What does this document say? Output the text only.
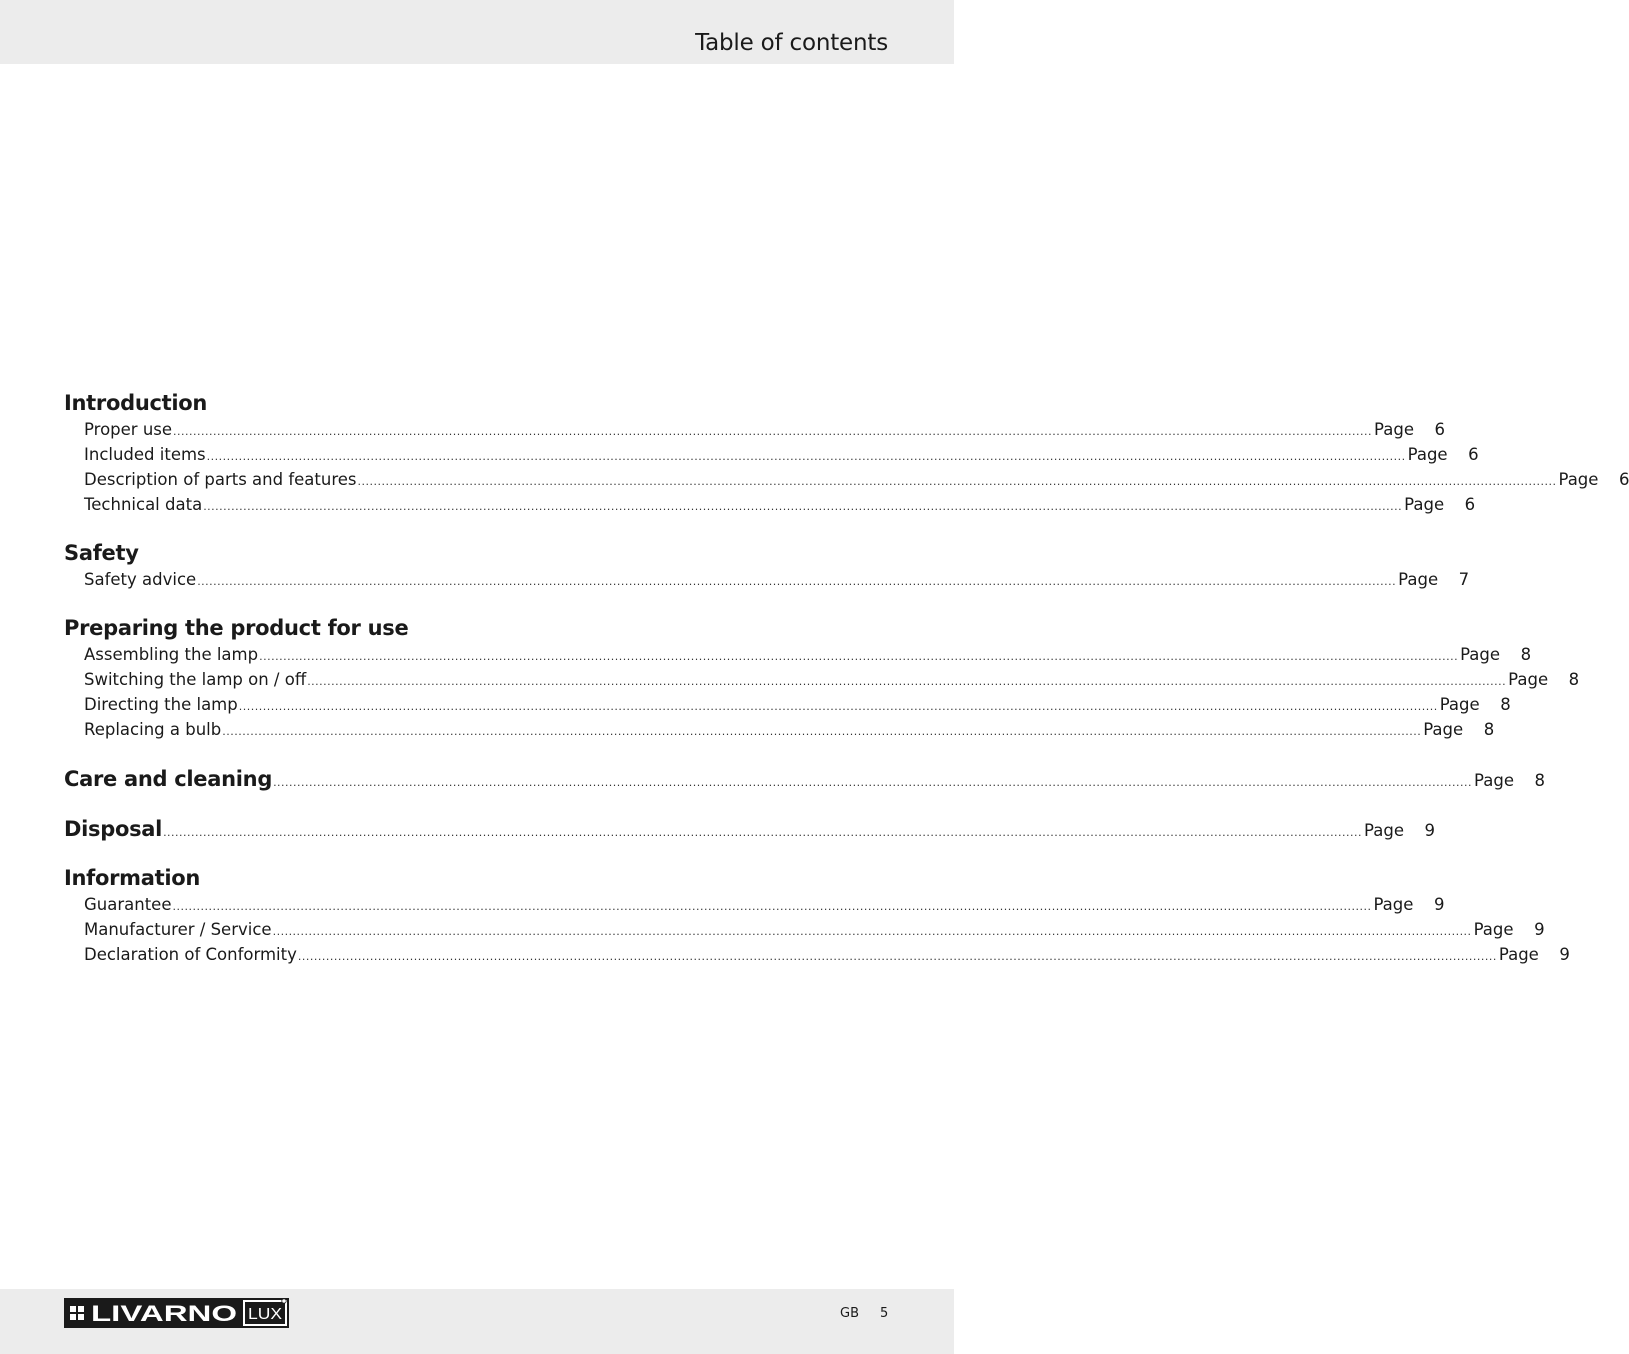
Table of contents
Introduction
Proper use ............................................................................................................................................................................................................................................................................................................ Page	6
Included items ............................................................................................................................................................................................................................................................................................................ Page	6
Description of parts and features ............................................................................................................................................................................................................................................................................................................ Page	6
Technical data ............................................................................................................................................................................................................................................................................................................ Page	6
Safety
Safety advice ............................................................................................................................................................................................................................................................................................................ Page	7
Preparing the product for use
Assembling the lamp ............................................................................................................................................................................................................................................................................................................ Page	8
Switching the lamp on / off ............................................................................................................................................................................................................................................................................................................ Page	8
Directing the lamp ............................................................................................................................................................................................................................................................................................................ Page	8
Replacing a bulb ............................................................................................................................................................................................................................................................................................................ Page	8
Care and cleaning ............................................................................................................................................................................................................................................................................................................ Page	8
Disposal ............................................................................................................................................................................................................................................................................................................ Page	9
Information
Guarantee ............................................................................................................................................................................................................................................................................................................ Page	9
Manufacturer / Service ............................................................................................................................................................................................................................................................................................................ Page	9
Declaration of Conformity ............................................................................................................................................................................................................................................................................................................ Page	9
LIVARNO LUX	GB 5
